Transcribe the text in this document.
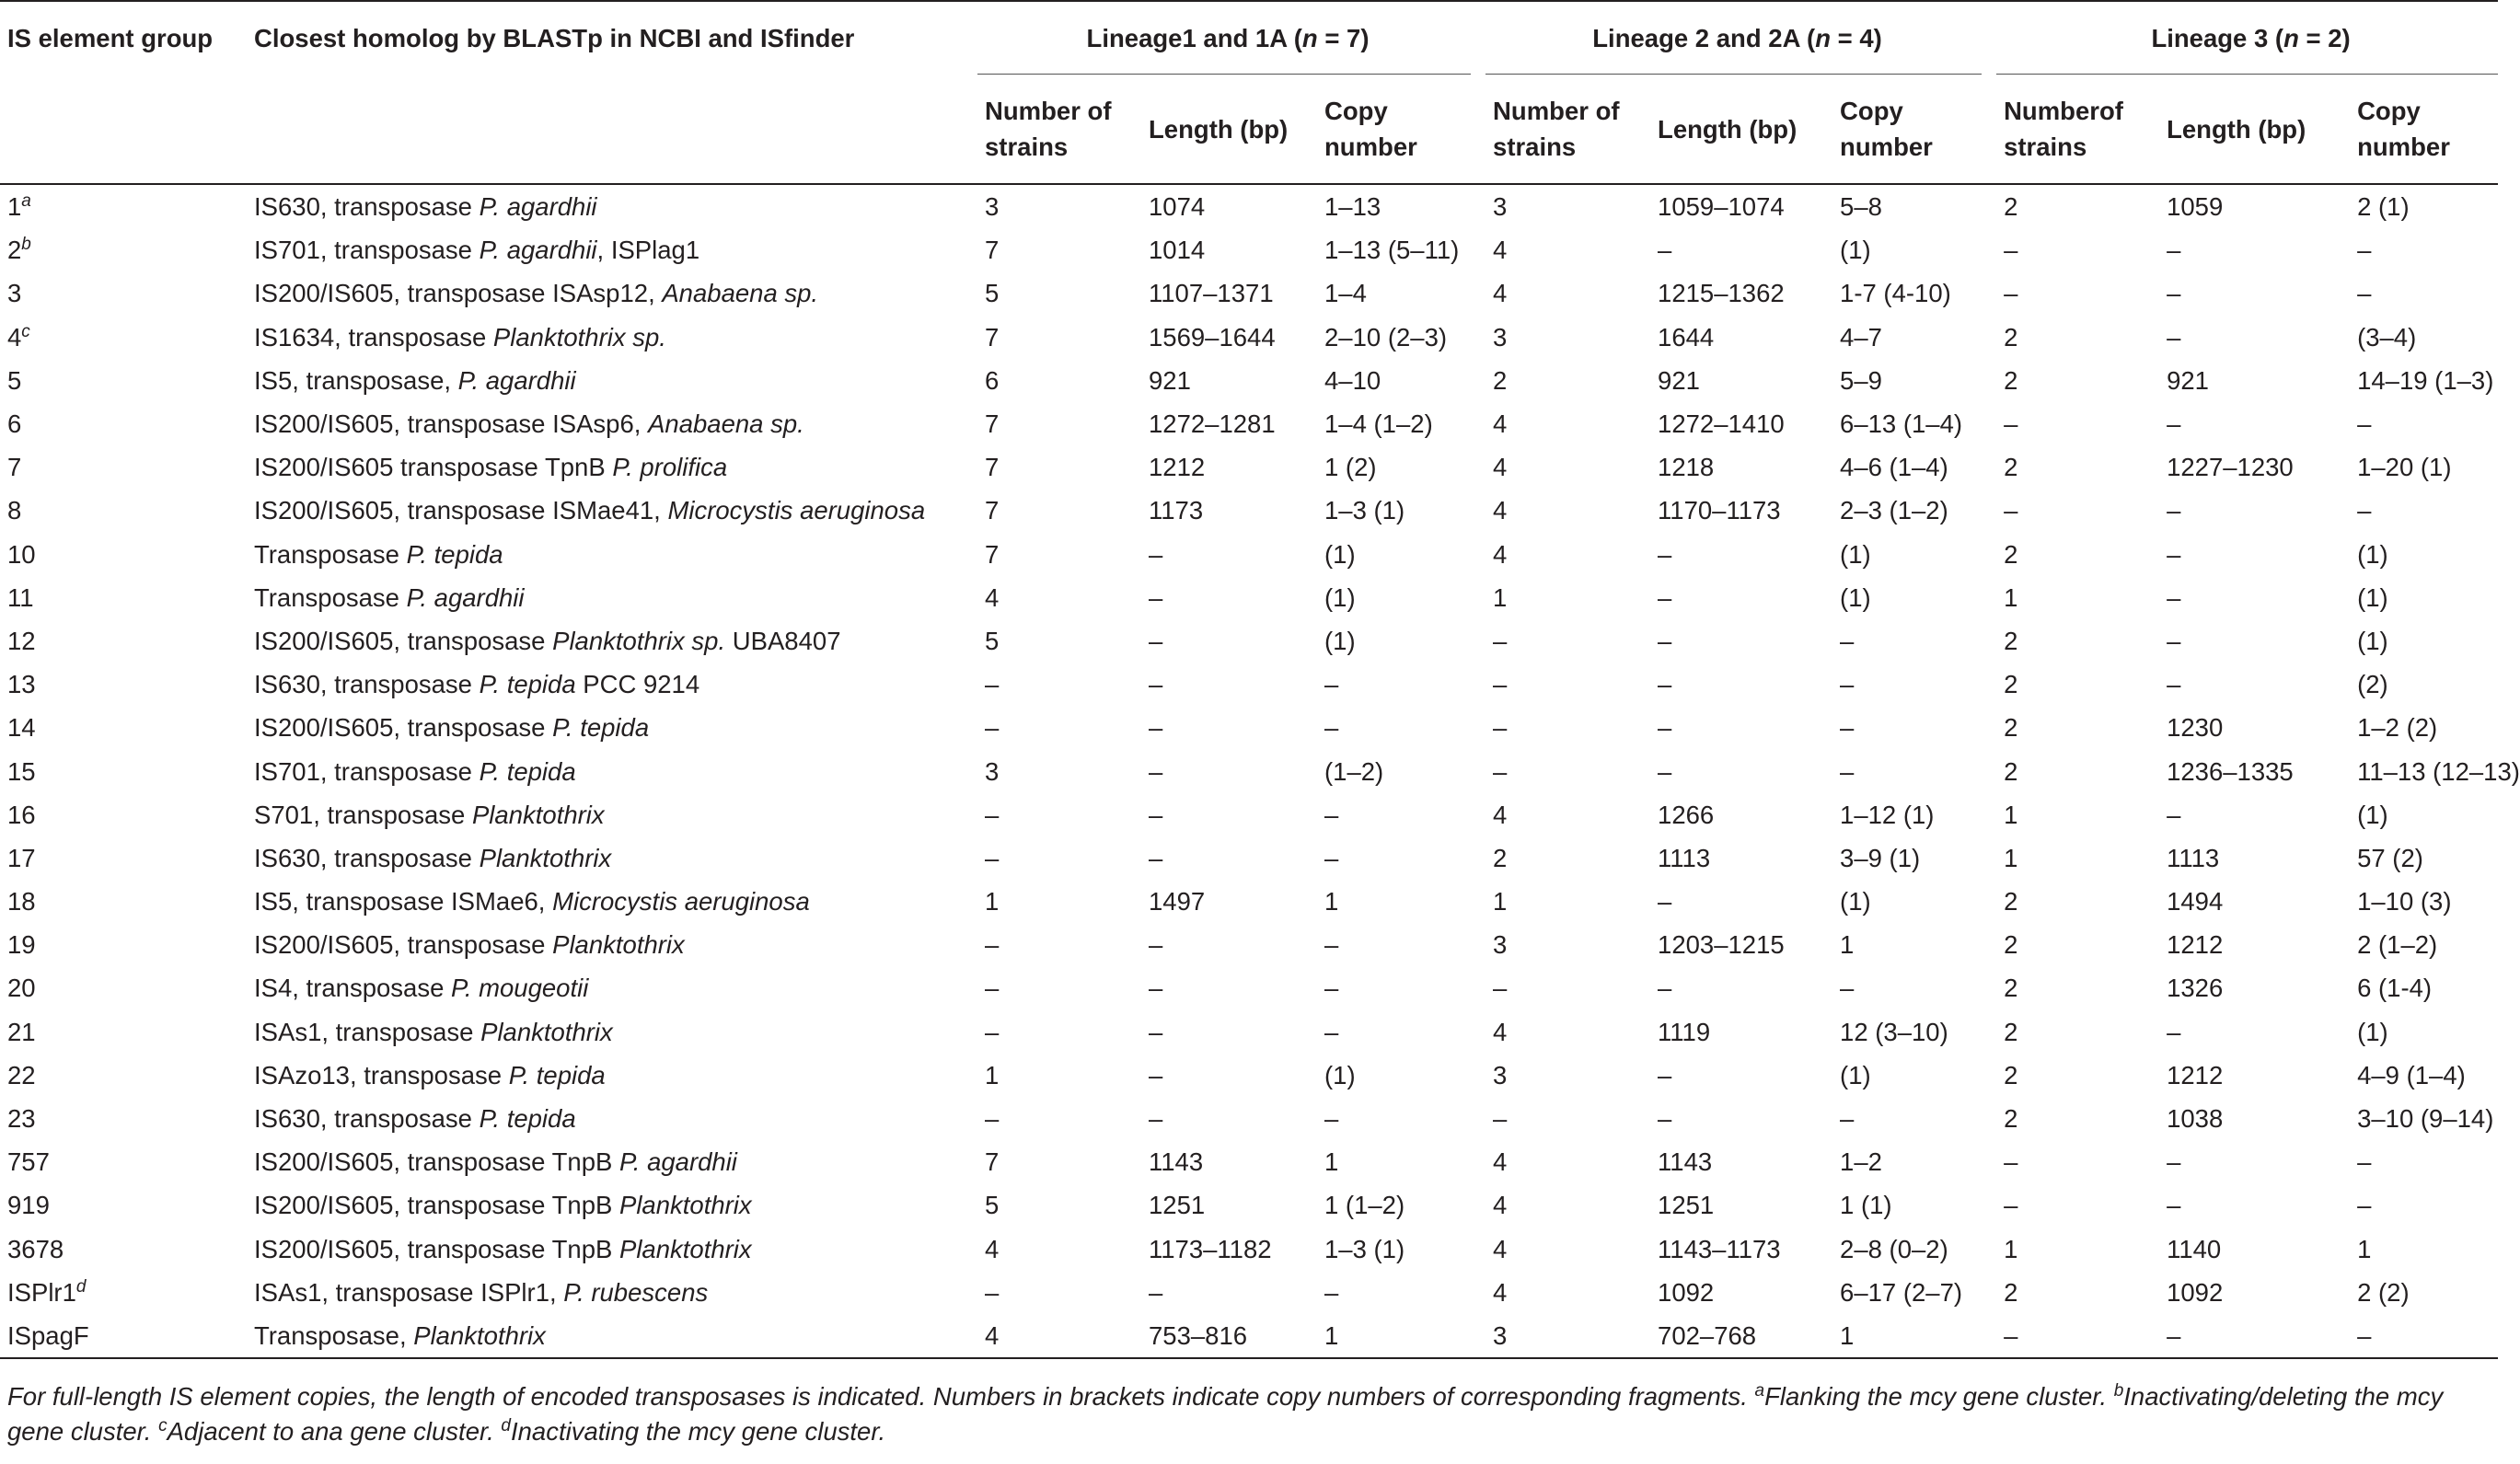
IS element group	Closest homolog by BLASTp in NCBI and ISfinder		Lineage1 and 1A (n = 7)				Lineage 2 and 2A (n = 4)				Lineage 3 (n = 2)		
			Number of strains	Length (bp)	Copy number		Number of strains	Length (bp)	Copy number		Numberof strains	Length (bp)	Copy number
1$^a$	IS630, transposase P. agardhii		3	1074	1–13		3	1059–1074	5–8		2	1059	2 (1)
2$^b$	IS701, transposase P. agardhii, ISPlag1		7	1014	1–13 (5–11)		4	–	(1)		–	–	–
3	IS200/IS605, transposase ISAsp12, Anabaena sp.		5	1107–1371	1–4		4	1215–1362	1-7 (4-10)		–	–	–
4$^c$	IS1634, transposase Planktothrix sp.		7	1569–1644	2–10 (2–3)		3	1644	4–7		2	–	(3–4)
5	IS5, transposase, P. agardhii		6	921	4–10		2	921	5–9		2	921	14–19 (1–3)
6	IS200/IS605, transposase ISAsp6, Anabaena sp.		7	1272–1281	1–4 (1–2)		4	1272–1410	6–13 (1–4)		–	–	–
7	IS200/IS605 transposase TpnB P. prolifica		7	1212	1 (2)		4	1218	4–6 (1–4)		2	1227–1230	1–20 (1)
8	IS200/IS605, transposase ISMae41, Microcystis aeruginosa		7	1173	1–3 (1)		4	1170–1173	2–3 (1–2)		–	–	–
10	Transposase P. tepida		7	–	(1)		4	–	(1)		2	–	(1)
11	Transposase P. agardhii		4	–	(1)		1	–	(1)		1	–	(1)
12	IS200/IS605, transposase Planktothrix sp. UBA8407		5	–	(1)		–	–	–		2	–	(1)
13	IS630, transposase P. tepida PCC 9214		–	–	–		–	–	–		2	–	(2)
14	IS200/IS605, transposase P. tepida		–	–	–		–	–	–		2	1230	1–2 (2)
15	IS701, transposase P. tepida		3	–	(1–2)		–	–	–		2	1236–1335	11–13 (12–13)
16	S701, transposase Planktothrix		–	–	–		4	1266	1–12 (1)		1	–	(1)
17	IS630, transposase Planktothrix		–	–	–		2	1113	3–9 (1)		1	1113	57 (2)
18	IS5, transposase ISMae6, Microcystis aeruginosa		1	1497	1		1	–	(1)		2	1494	1–10 (3)
19	IS200/IS605, transposase Planktothrix		–	–	–		3	1203–1215	1		2	1212	2 (1–2)
20	IS4, transposase P. mougeotii		–	–	–		–	–	–		2	1326	6 (1-4)
21	ISAs1, transposase Planktothrix		–	–	–		4	1119	12 (3–10)		2	–	(1)
22	ISAzo13, transposase P. tepida		1	–	(1)		3	–	(1)		2	1212	4–9 (1–4)
23	IS630, transposase P. tepida		–	–	–		–	–	–		2	1038	3–10 (9–14)
757	IS200/IS605, transposase TnpB P. agardhii		7	1143	1		4	1143	1–2		–	–	–
919	IS200/IS605, transposase TnpB Planktothrix		5	1251	1 (1–2)		4	1251	1 (1)		–	–	–
3678	IS200/IS605, transposase TnpB Planktothrix		4	1173–1182	1–3 (1)		4	1143–1173	2–8 (0–2)		1	1140	1
ISPlr1$^d$	ISAs1, transposase ISPlr1, P. rubescens		–	–	–		4	1092	6–17 (2–7)		2	1092	2 (2)
ISpagF	Transposase, Planktothrix		4	753–816	1		3	702–768	1		–	–	–
For full-length IS element copies, the length of encoded transposases is indicated. Numbers in brackets indicate copy numbers of corresponding fragments. $^a$Flanking the mcy gene cluster. $^b$Inactivating/deleting the mcy gene cluster. $^c$Adjacent to ana gene cluster. $^d$Inactivating the mcy gene cluster.
